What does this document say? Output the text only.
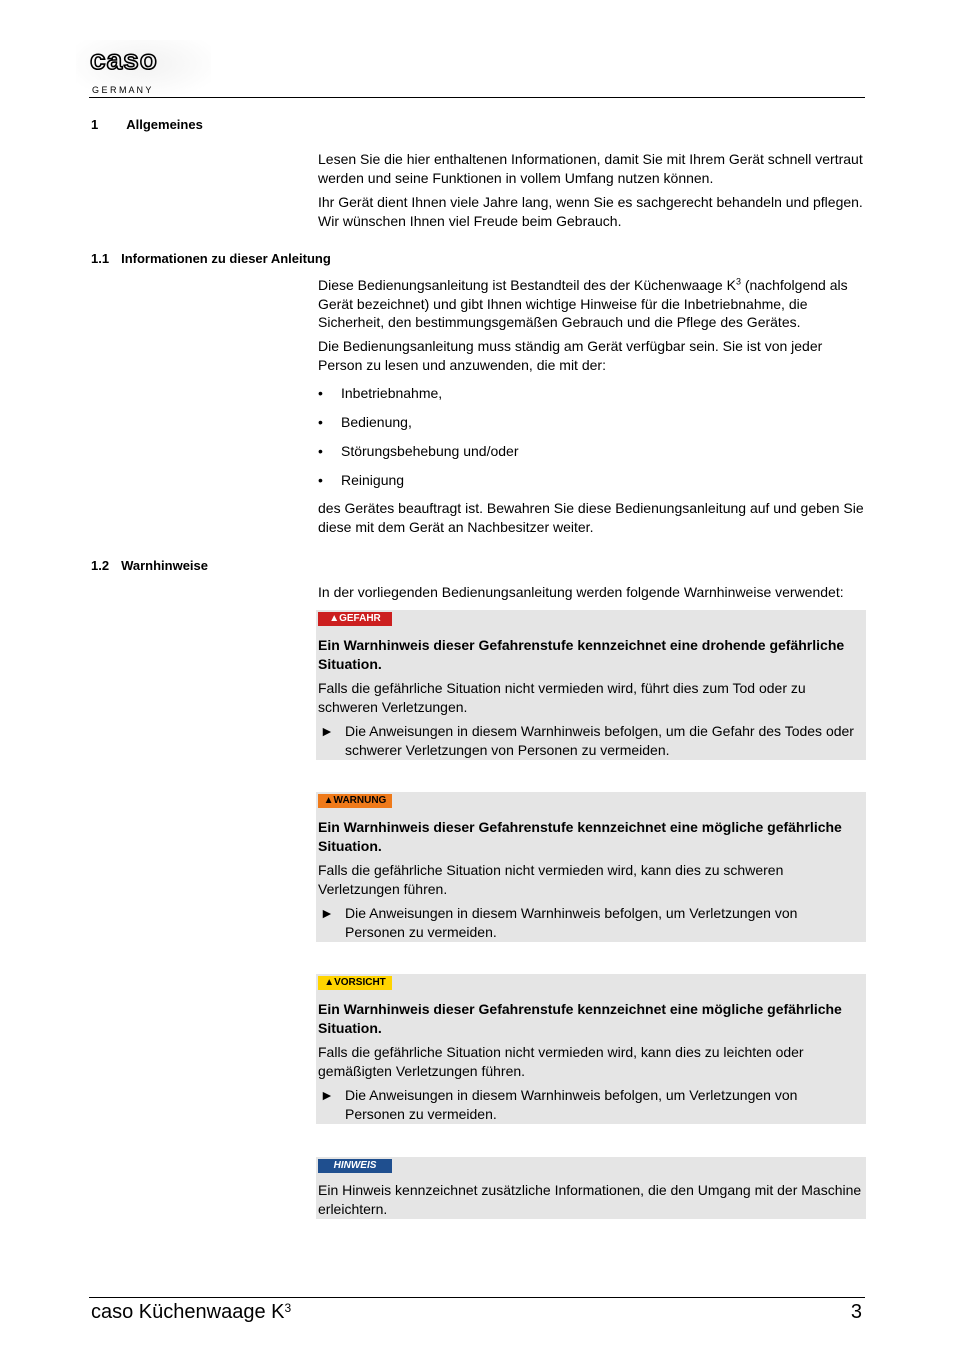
caso
G E R M A N Y
1 Allgemeines

Lesen Sie die hier enthaltenen Informationen, damit Sie mit Ihrem Gerät schnell vertraut werden und seine Funktionen in vollem Umfang nutzen können.

Ihr Gerät dient Ihnen viele Jahre lang, wenn Sie es sachgerecht behandeln und pflegen. Wir wünschen Ihnen viel Freude beim Gebrauch.

1.1 Informationen zu dieser Anleitung

Diese Bedienungsanleitung ist Bestandteil des der Küchenwaage $K^3$ (nachfolgend als Gerät bezeichnet) und gibt Ihnen wichtige Hinweise für die Inbetriebnahme, die Sicherheit, den bestimmungsgemäßen Gebrauch und die Pflege des Gerätes.

Die Bedienungsanleitung muss ständig am Gerät verfügbar sein. Sie ist von jeder Person zu lesen und anzuwenden, die mit der:

• Inbetriebnahme,
• Bedienung,
• Störungsbehebung und/oder
• Reinigung

des Gerätes beauftragt ist. Bewahren Sie diese Bedienungsanleitung auf und geben Sie diese mit dem Gerät an Nachbesitzer weiter.

1.2 Warnhinweise

In der vorliegenden Bedienungsanleitung werden folgende Warnhinweise verwendet:

▲GEFAHR

Ein Warnhinweis dieser Gefahrenstufe kennzeichnet eine drohende gefährliche Situation.

Falls die gefährliche Situation nicht vermieden wird, führt dies zum Tod oder zu schweren Verletzungen.

► Die Anweisungen in diesem Warnhinweis befolgen, um die Gefahr des Todes oder schwerer Verletzungen von Personen zu vermeiden.

▲WARNUNG

Ein Warnhinweis dieser Gefahrenstufe kennzeichnet eine mögliche gefährliche Situation.

Falls die gefährliche Situation nicht vermieden wird, kann dies zu schweren Verletzungen führen.

► Die Anweisungen in diesem Warnhinweis befolgen, um Verletzungen von Personen zu vermeiden.

▲VORSICHT

Ein Warnhinweis dieser Gefahrenstufe kennzeichnet eine mögliche gefährliche Situation.

Falls die gefährliche Situation nicht vermieden wird, kann dies zu leichten oder gemäßigten Verletzungen führen.

► Die Anweisungen in diesem Warnhinweis befolgen, um Verletzungen von Personen zu vermeiden.

HINWEIS

Ein Hinweis kennzeichnet zusätzliche Informationen, die den Umgang mit der Maschine erleichtern.

caso Küchenwaage $K^3$	3
